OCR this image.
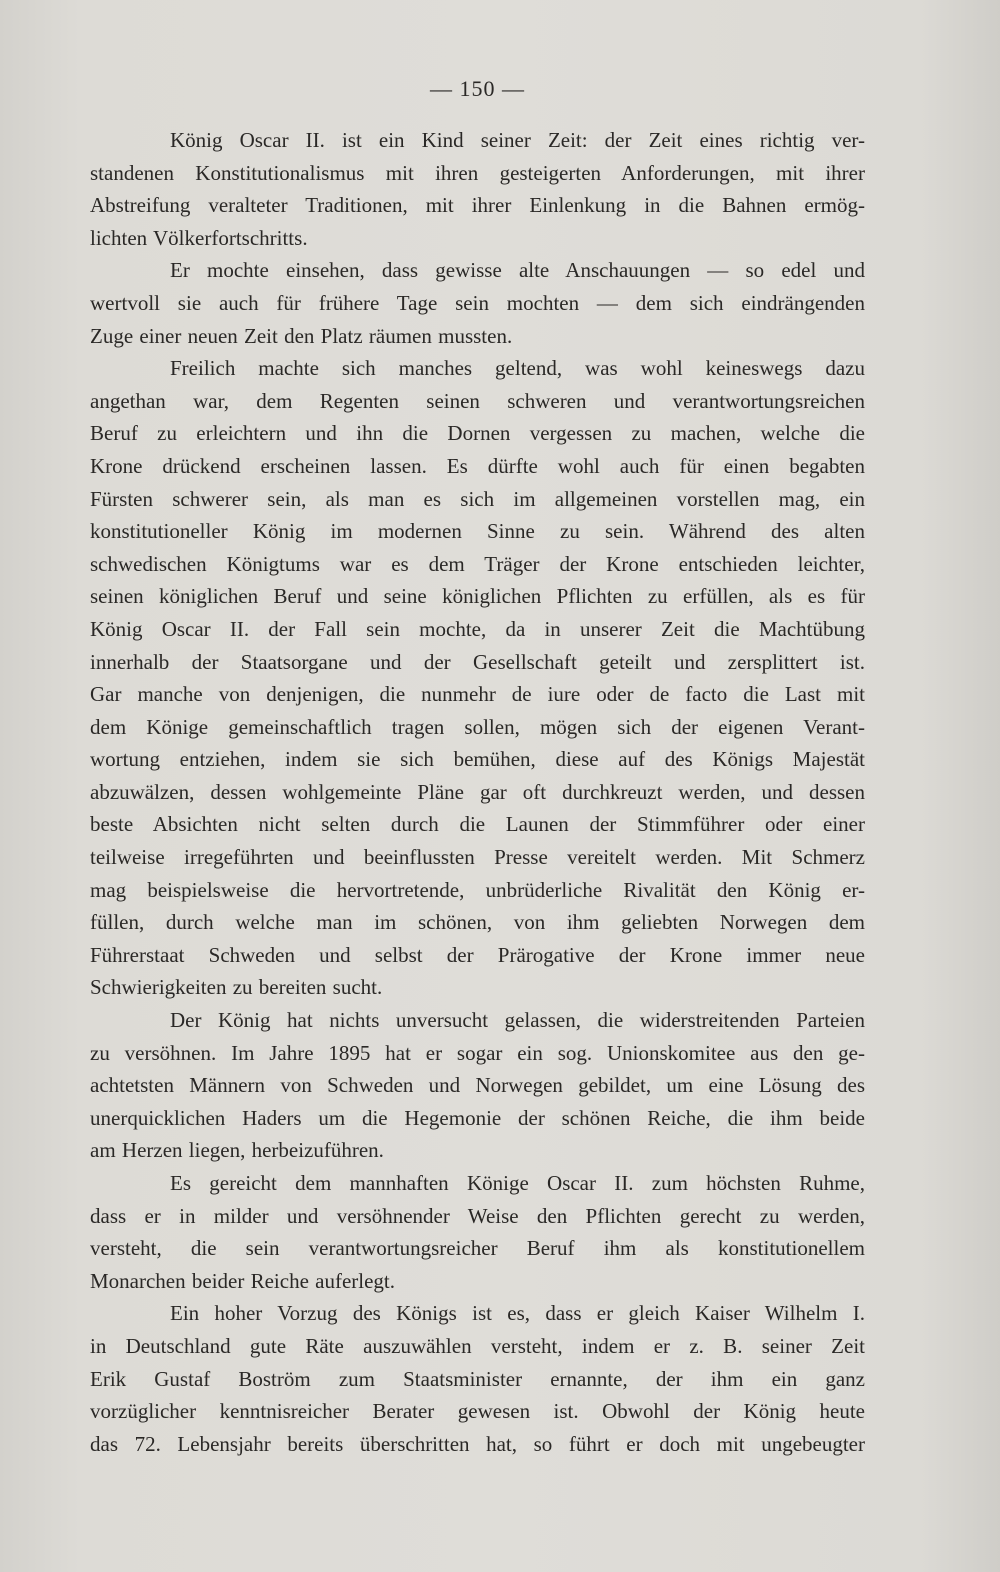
— 150 —
König Oscar II. ist ein Kind seiner Zeit: der Zeit eines richtig ver-
standenen Konstitutionalismus mit ihren gesteigerten Anforderungen, mit ihrer
Abstreifung veralteter Traditionen, mit ihrer Einlenkung in die Bahnen ermög-
lichten Völkerfortschritts.
Er mochte einsehen, dass gewisse alte Anschauungen — so edel und
wertvoll sie auch für frühere Tage sein mochten — dem sich eindrängenden
Zuge einer neuen Zeit den Platz räumen mussten.
Freilich machte sich manches geltend, was wohl keineswegs dazu
angethan war, dem Regenten seinen schweren und verantwortungsreichen
Beruf zu erleichtern und ihn die Dornen vergessen zu machen, welche die
Krone drückend erscheinen lassen. Es dürfte wohl auch für einen begabten
Fürsten schwerer sein, als man es sich im allgemeinen vorstellen mag, ein
konstitutioneller König im modernen Sinne zu sein. Während des alten
schwedischen Königtums war es dem Träger der Krone entschieden leichter,
seinen königlichen Beruf und seine königlichen Pflichten zu erfüllen, als es für
König Oscar II. der Fall sein mochte, da in unserer Zeit die Machtübung
innerhalb der Staatsorgane und der Gesellschaft geteilt und zersplittert ist.
Gar manche von denjenigen, die nunmehr de iure oder de facto die Last mit
dem Könige gemeinschaftlich tragen sollen, mögen sich der eigenen Verant-
wortung entziehen, indem sie sich bemühen, diese auf des Königs Majestät
abzuwälzen, dessen wohlgemeinte Pläne gar oft durchkreuzt werden, und dessen
beste Absichten nicht selten durch die Launen der Stimmführer oder einer
teilweise irregeführten und beeinflussten Presse vereitelt werden. Mit Schmerz
mag beispielsweise die hervortretende, unbrüderliche Rivalität den König er-
füllen, durch welche man im schönen, von ihm geliebten Norwegen dem
Führerstaat Schweden und selbst der Prärogative der Krone immer neue
Schwierigkeiten zu bereiten sucht.
Der König hat nichts unversucht gelassen, die widerstreitenden Parteien
zu versöhnen. Im Jahre 1895 hat er sogar ein sog. Unionskomitee aus den ge-
achtetsten Männern von Schweden und Norwegen gebildet, um eine Lösung des
unerquicklichen Haders um die Hegemonie der schönen Reiche, die ihm beide
am Herzen liegen, herbeizuführen.
Es gereicht dem mannhaften Könige Oscar II. zum höchsten Ruhme,
dass er in milder und versöhnender Weise den Pflichten gerecht zu werden,
versteht, die sein verantwortungsreicher Beruf ihm als konstitutionellem
Monarchen beider Reiche auferlegt.
Ein hoher Vorzug des Königs ist es, dass er gleich Kaiser Wilhelm I.
in Deutschland gute Räte auszuwählen versteht, indem er z. B. seiner Zeit
Erik Gustaf Boström zum Staatsminister ernannte, der ihm ein ganz
vorzüglicher kenntnisreicher Berater gewesen ist. Obwohl der König heute
das 72. Lebensjahr bereits überschritten hat, so führt er doch mit ungebeugter
